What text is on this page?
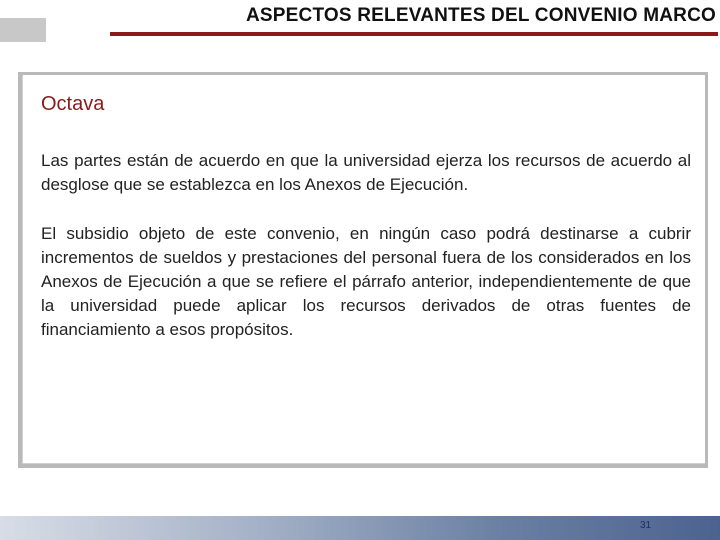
ASPECTOS RELEVANTES DEL CONVENIO MARCO
Octava

Las partes están de acuerdo en que la universidad ejerza los recursos de acuerdo al desglose que se establezca en los Anexos de Ejecución.

El subsidio objeto de este convenio, en ningún caso podrá destinarse a cubrir incrementos de sueldos y prestaciones del personal fuera de los considerados en los Anexos de Ejecución a que se refiere el párrafo anterior, independientemente de que la universidad puede aplicar los recursos derivados de otras fuentes de financiamiento a esos propósitos.

31
